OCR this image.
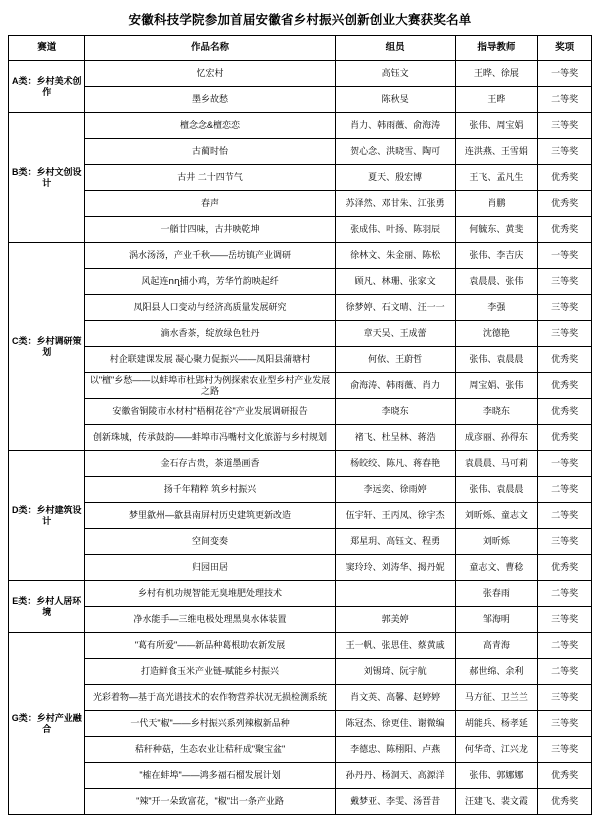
安徽科技学院参加首届安徽省乡村振兴创新创业大赛获奖名单
赛道	作品名称	组员	指导教师	奖项
A类：乡村美术创作	忆宏村	高钰文	王晔、徐展	一等奖
	墨乡故愁	陈秋旻	王晔	二等奖
B类：乡村文创设计	檀念念&檀恋恋	肖力、韩雨薇、俞海涛	张伟、周宝娟	三等奖
	古蔺时怡	贺心念、洪晓雪、陶可	连洪燕、王雪娟	三等奖
	古井 二十四节气	夏天、殷宏博	王飞、孟凡生	优秀奖
	春声	苏泽然、邓甘朱、江张勇	肖鹏	优秀奖
	一艏廿四味，古井映乾坤	张成伟、叶扬、陈羽辰	何毓东、黄斐	优秀奖
C类：乡村调研策划	涡水汤汤，产业千秋——岳坊镇产业调研	徐林文、朱金丽、陈松	张伟、李吉庆	一等奖
	风起连ող捕小鸡，芳华竹韵映起纤	顾凡、林珊、张家文	袁晨晨、张伟	三等奖
	凤阳县人口变动与经济高质量发展研究	徐梦婷、石文晴、汪一一	李强	三等奖
	滴水香茶，绽放绿色牡丹	章天吴、王成蕾	沈德艳	三等奖
	村企联建课发展 凝心聚力促振兴——凤阳县蒲塘村	何依、王蔚哲	张伟、袁晨晨	优秀奖
	以"檀"乡愁——以蚌埠市杜郢村为例探索农业型乡村产业发展之路	俞海涛、韩雨薇、肖力	周宝娟、张伟	优秀奖
	安徽省铜陵市水材村"梧桐花谷"产业发展调研报告	李晓东	李晓东	优秀奖
	创新珠城，传承鼓韵——蚌埠市冯嘴村文化旅游与乡村规划	褚飞、杜呈林、蒋浩	成彦丽、孙得东	优秀奖
D类：乡村建筑设计	金石存古贵，茶道墨画香	杨皎绞、陈凡、蒋春艳	袁晨晨、马可莉	一等奖
	扬千年精粹 筑乡村振兴	李远奕、徐雨婷	张伟、袁晨晨	二等奖
	梦里歙州—歙县南屏村历史建筑更新改造	伍宇轩、王丙凤、徐宇杰	刘昕烁、童志文	二等奖
	空间变奏	郑星玥、高钰文、程勇	刘昕烁	三等奖
	归园田居	窦玲玲、刘涛华、揭丹妮	童志文、曹稔	优秀奖
E类：乡村人居环境	乡村有机功规智能无臭堆肥处理技术		张春雨	二等奖
	净水能手—三维电极处理黑臭水体装置	郭美婷	邹海明	三等奖
G类：乡村产业融合	"葛有所爱"——新品种葛根助农新发展	王一帆、张思佳、蔡黄戚	高青海	二等奖
	打造鲜食玉米产业链-赋能乡村振兴	刘锡琦、阮宇航	郝世绵、余利	二等奖
	光彩着物—基于高光谱技术的农作物营养状况无损检测系统	肖文英、高馨、赵婷婷	马方征、卫兰兰	三等奖
	一代天"椒"——乡村振兴系列辣椒新品种	陈冠杰、徐更佳、谢微编	胡能兵、杨孝延	三等奖
	秸秆种菇，生态农业让秸秆成"聚宝盆"	李德忠、陈栩阳、卢燕	何华奇、江兴龙	三等奖
	"榷在蚌埠"——鸿多福石榴发展计划	孙丹丹、杨洞天、高源洋	张伟、郭娜娜	优秀奖
	"辣"开一朵致富花，"椒"出一条产业路	戴梦亚、李雯、汤晋昔	汪建飞、裴文霞	优秀奖
